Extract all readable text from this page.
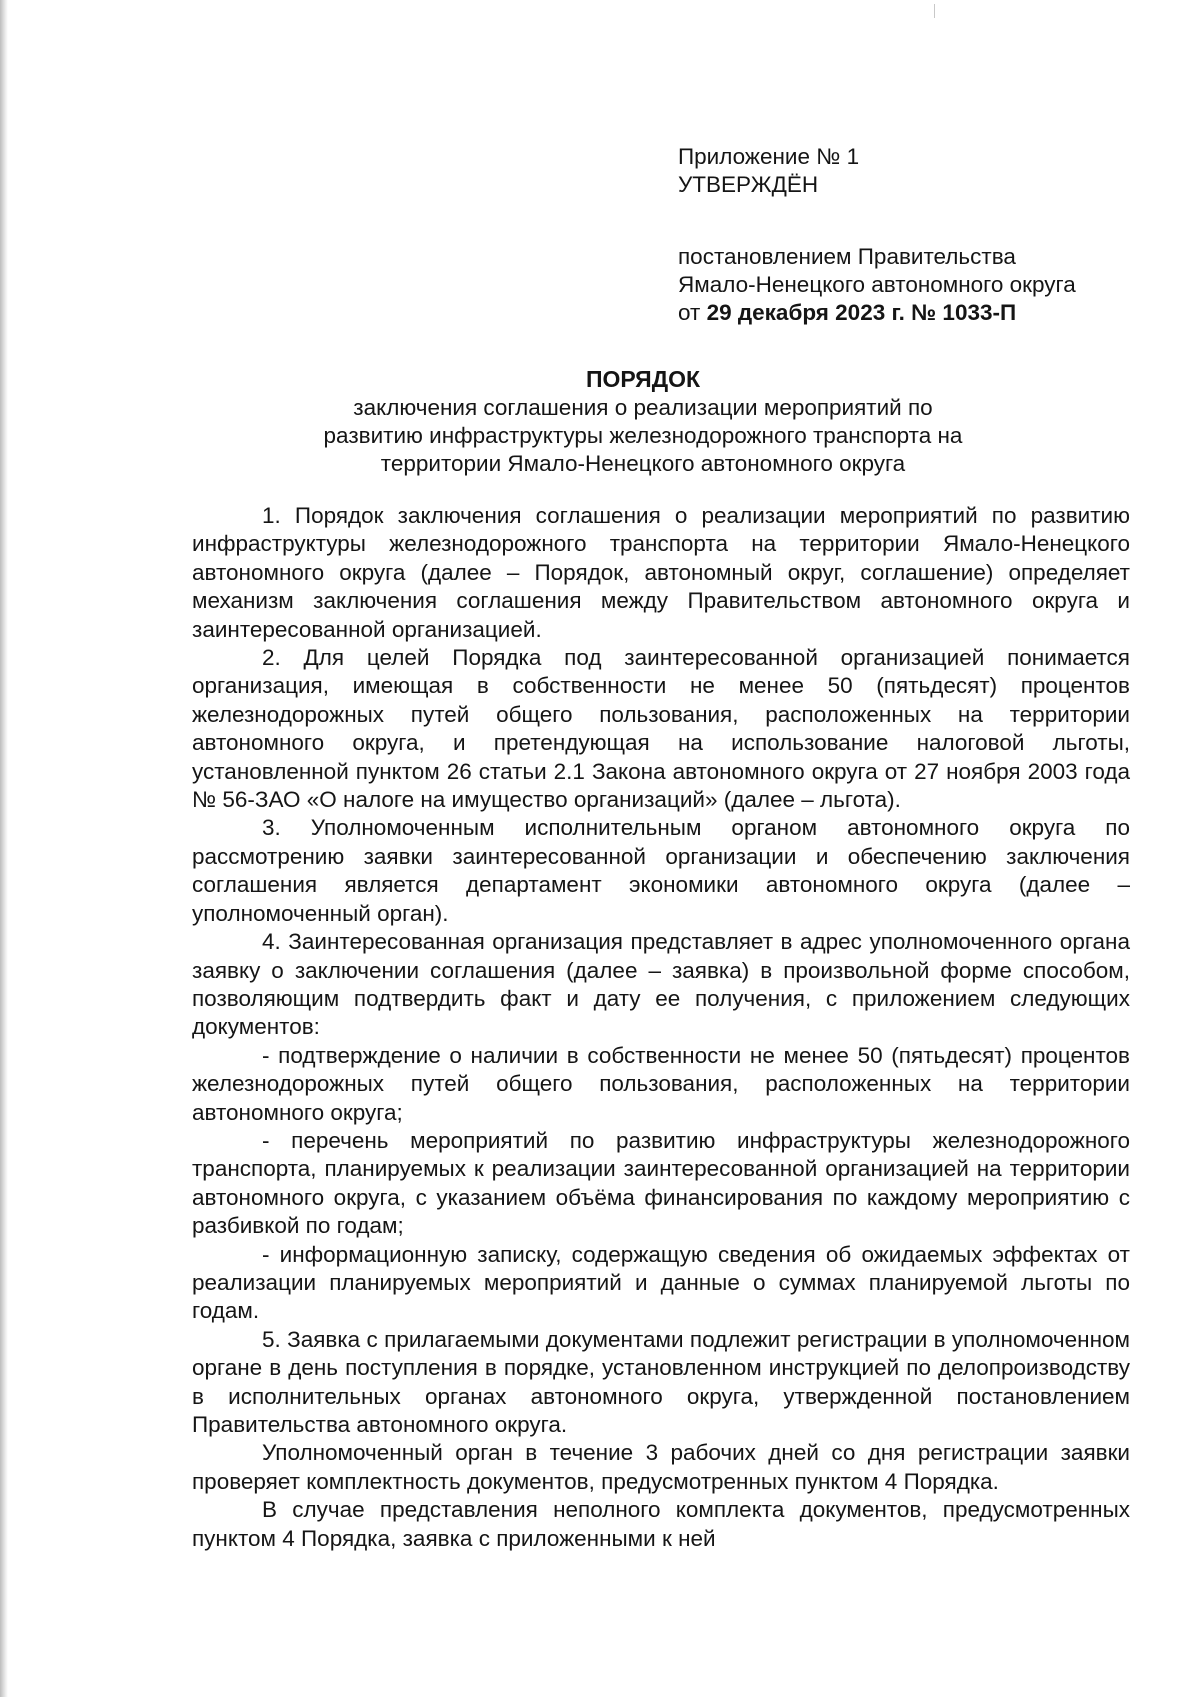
Приложение № 1
УТВЕРЖДЁН
постановлением Правительства
Ямало-Ненецкого автономного округа
от 29 декабря 2023 г. № 1033-П
ПОРЯДОК
заключения соглашения о реализации мероприятий по
развитию инфраструктуры железнодорожного транспорта на
территории Ямало-Ненецкого автономного округа

1. Порядок заключения соглашения о реализации мероприятий по развитию инфраструктуры железнодорожного транспорта на территории Ямало-Ненецкого автономного округа (далее – Порядок, автономный округ, соглашение) определяет механизм заключения соглашения между Правительством автономного округа и заинтересованной организацией.

2. Для целей Порядка под заинтересованной организацией понимается организация, имеющая в собственности не менее 50 (пятьдесят) процентов железнодорожных путей общего пользования, расположенных на территории автономного округа, и претендующая на использование налоговой льготы, установленной пунктом 26 статьи 2.1 Закона автономного округа от 27 ноября 2003 года № 56-ЗАО «О налоге на имущество организаций» (далее – льгота).

3. Уполномоченным исполнительным органом автономного округа по рассмотрению заявки заинтересованной организации и обеспечению заключения соглашения является департамент экономики автономного округа (далее – уполномоченный орган).

4. Заинтересованная организация представляет в адрес уполномоченного органа заявку о заключении соглашения (далее – заявка) в произвольной форме способом, позволяющим подтвердить факт и дату ее получения, с приложением следующих документов:

- подтверждение о наличии в собственности не менее 50 (пятьдесят) процентов железнодорожных путей общего пользования, расположенных на территории автономного округа;

- перечень мероприятий по развитию инфраструктуры железнодорожного транспорта, планируемых к реализации заинтересованной организацией на территории автономного округа, с указанием объёма финансирования по каждому мероприятию с разбивкой по годам;

- информационную записку, содержащую сведения об ожидаемых эффектах от реализации планируемых мероприятий и данные о суммах планируемой льготы по годам.

5. Заявка с прилагаемыми документами подлежит регистрации в уполномоченном органе в день поступления в порядке, установленном инструкцией по делопроизводству в исполнительных органах автономного округа, утвержденной постановлением Правительства автономного округа.

Уполномоченный орган в течение 3 рабочих дней со дня регистрации заявки проверяет комплектность документов, предусмотренных пунктом 4 Порядка.

В случае представления неполного комплекта документов, предусмотренных пунктом 4 Порядка, заявка с приложенными к ней
